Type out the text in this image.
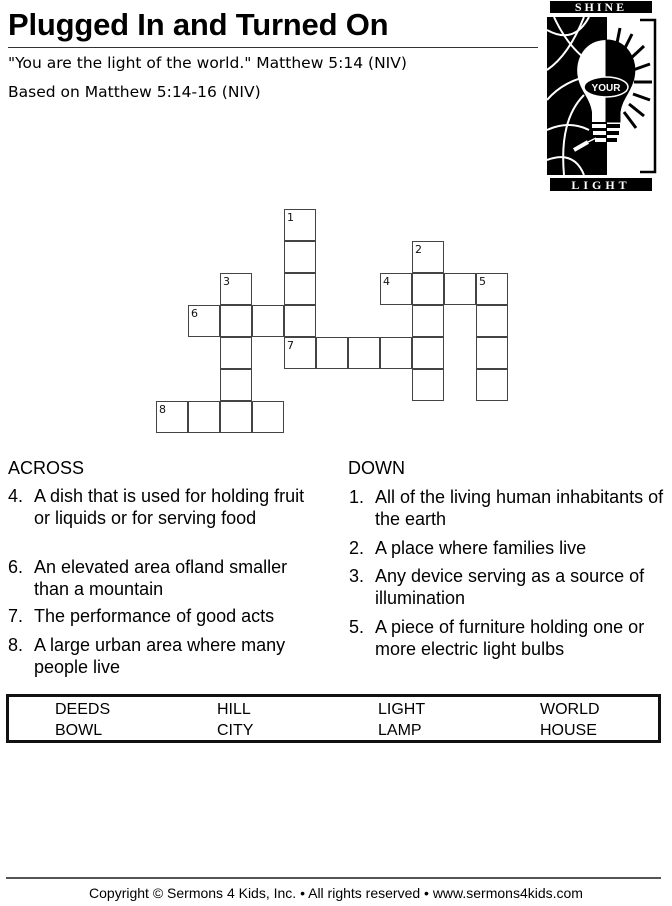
Plugged In and Turned On
"You are the light of the world." Matthew 5:14 (NIV)
Based on Matthew 5:14-16 (NIV)
SHINE
YOUR
LIGHT
1
7
2
3	4	5
6
8
ACROSS	DOWN
4. A dish that is used for holding fruit or liquids or for serving food
6. An elevated area ofland smaller than a mountain
7. The performance of good acts
8. A large urban area where many people live
1. All of the living human inhabitants of the earth
2. A place where families live
3. Any device serving as a source of illumination
5. A piece of furniture holding one or more electric light bulbs
DEEDS	HILL	LIGHT	WORLD
BOWL	CITY	LAMP	HOUSE
Copyright © Sermons 4 Kids, Inc. • All rights reserved • www.sermons4kids.com
